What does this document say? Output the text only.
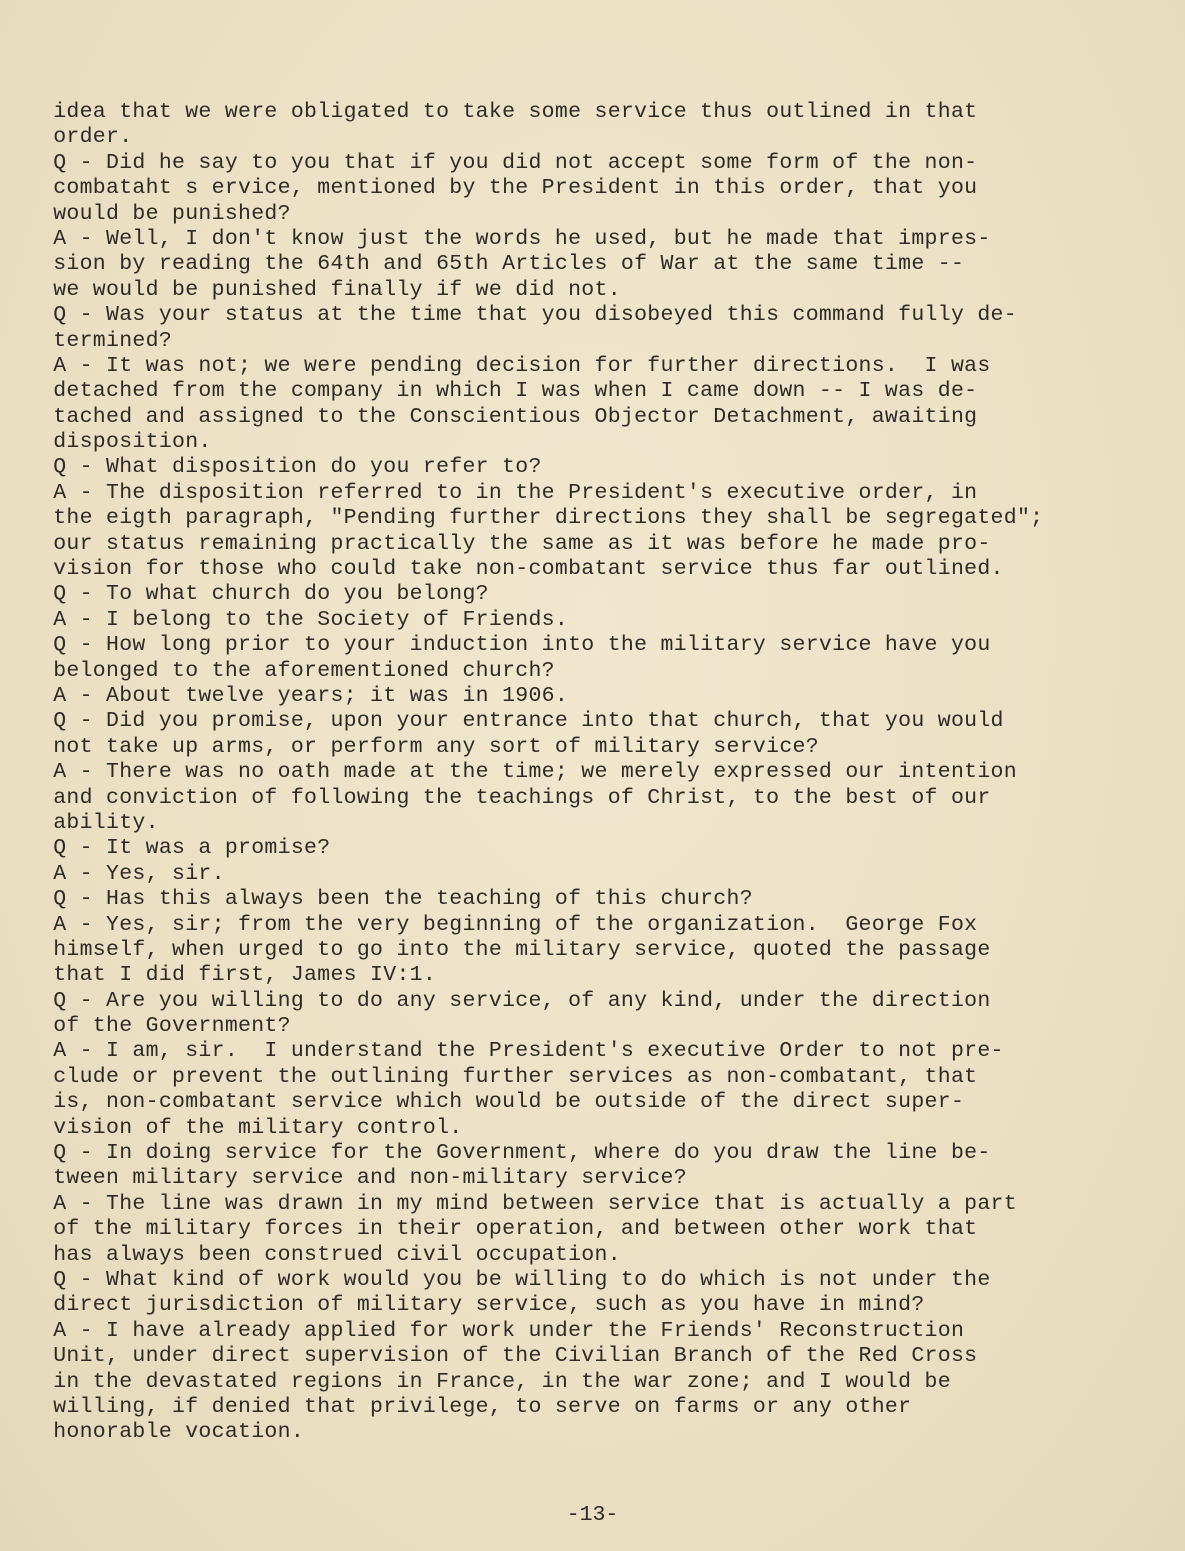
idea that we were obligated to take some service thus outlined in that
order.
Q - Did he say to you that if you did not accept some form of the non-
combataht s ervice, mentioned by the President in this order, that you
would be punished?
A - Well, I don't know just the words he used, but he made that impres-
sion by reading the 64th and 65th Articles of War at the same time --
we would be punished finally if we did not.
Q - Was your status at the time that you disobeyed this command fully de-
termined?
A - It was not; we were pending decision for further directions.  I was
detached from the company in which I was when I came down -- I was de-
tached and assigned to the Conscientious Objector Detachment, awaiting
disposition.
Q - What disposition do you refer to?
A - The disposition referred to in the President's executive order, in
the eigth paragraph, "Pending further directions they shall be segregated";
our status remaining practically the same as it was before he made pro-
vision for those who could take non-combatant service thus far outlined.
Q - To what church do you belong?
A - I belong to the Society of Friends.
Q - How long prior to your induction into the military service have you
belonged to the aforementioned church?
A - About twelve years; it was in 1906.
Q - Did you promise, upon your entrance into that church, that you would
not take up arms, or perform any sort of military service?
A - There was no oath made at the time; we merely expressed our intention
and conviction of following the teachings of Christ, to the best of our
ability.
Q - It was a promise?
A - Yes, sir.
Q - Has this always been the teaching of this church?
A - Yes, sir; from the very beginning of the organization.  George Fox
himself, when urged to go into the military service, quoted the passage
that I did first, James IV:1.
Q - Are you willing to do any service, of any kind, under the direction
of the Government?
A - I am, sir.  I understand the President's executive Order to not pre-
clude or prevent the outlining further services as non-combatant, that
is, non-combatant service which would be outside of the direct super-
vision of the military control.
Q - In doing service for the Government, where do you draw the line be-
tween military service and non-military service?
A - The line was drawn in my mind between service that is actually a part
of the military forces in their operation, and between other work that
has always been construed civil occupation.
Q - What kind of work would you be willing to do which is not under the
direct jurisdiction of military service, such as you have in mind?
A - I have already applied for work under the Friends' Reconstruction
Unit, under direct supervision of the Civilian Branch of the Red Cross
in the devastated regions in France, in the war zone; and I would be
willing, if denied that privilege, to serve on farms or any other
honorable vocation.
-13-
